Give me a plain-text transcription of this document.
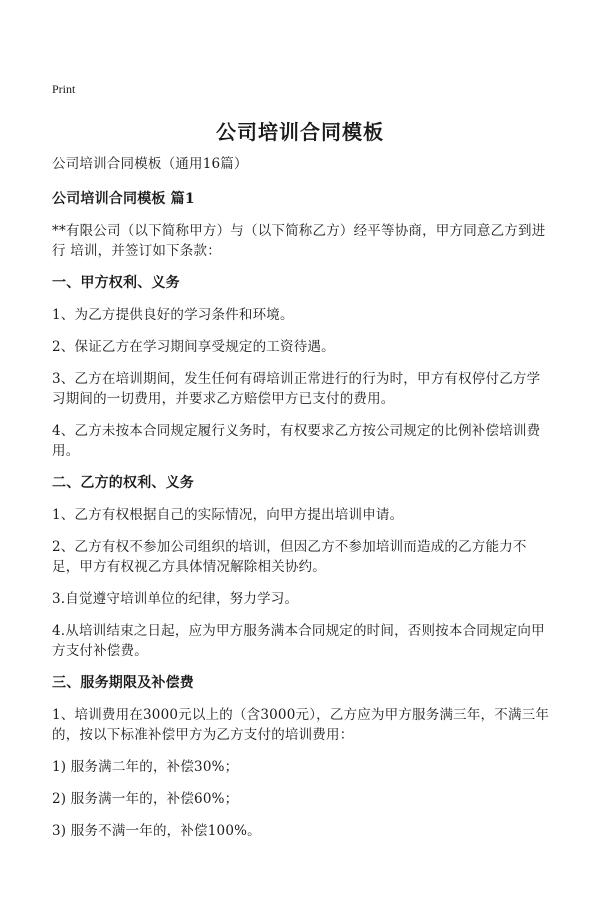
Print
公司培训合同模板

公司培训合同模板（通用16篇）

公司培训合同模板 篇1

**有限公司（以下简称甲方）与（以下简称乙方）经平等协商，甲方同意乙方到进行 培训，并签订如下条款：

一、甲方权利、义务

1、为乙方提供良好的学习条件和环境。

2、保证乙方在学习期间享受规定的工资待遇。

3、乙方在培训期间，发生任何有碍培训正常进行的行为时，甲方有权停付乙方学习期间的一切费用，并要求乙方赔偿甲方已支付的费用。

4、乙方未按本合同规定履行义务时，有权要求乙方按公司规定的比例补偿培训费用。

二、乙方的权利、义务

1、乙方有权根据自己的实际情况，向甲方提出培训申请。

2、乙方有权不参加公司组织的培训，但因乙方不参加培训而造成的乙方能力不足，甲方有权视乙方具体情况解除相关协约。

3.自觉遵守培训单位的纪律，努力学习。

4.从培训结束之日起，应为甲方服务满本合同规定的时间，否则按本合同规定向甲方支付补偿费。

三、服务期限及补偿费

1、培训费用在3000元以上的（含3000元），乙方应为甲方服务满三年，不满三年的，按以下标准补偿甲方为乙方支付的培训费用：

1) 服务满二年的，补偿30%；

2) 服务满一年的，补偿60%；

3) 服务不满一年的，补偿100%。
